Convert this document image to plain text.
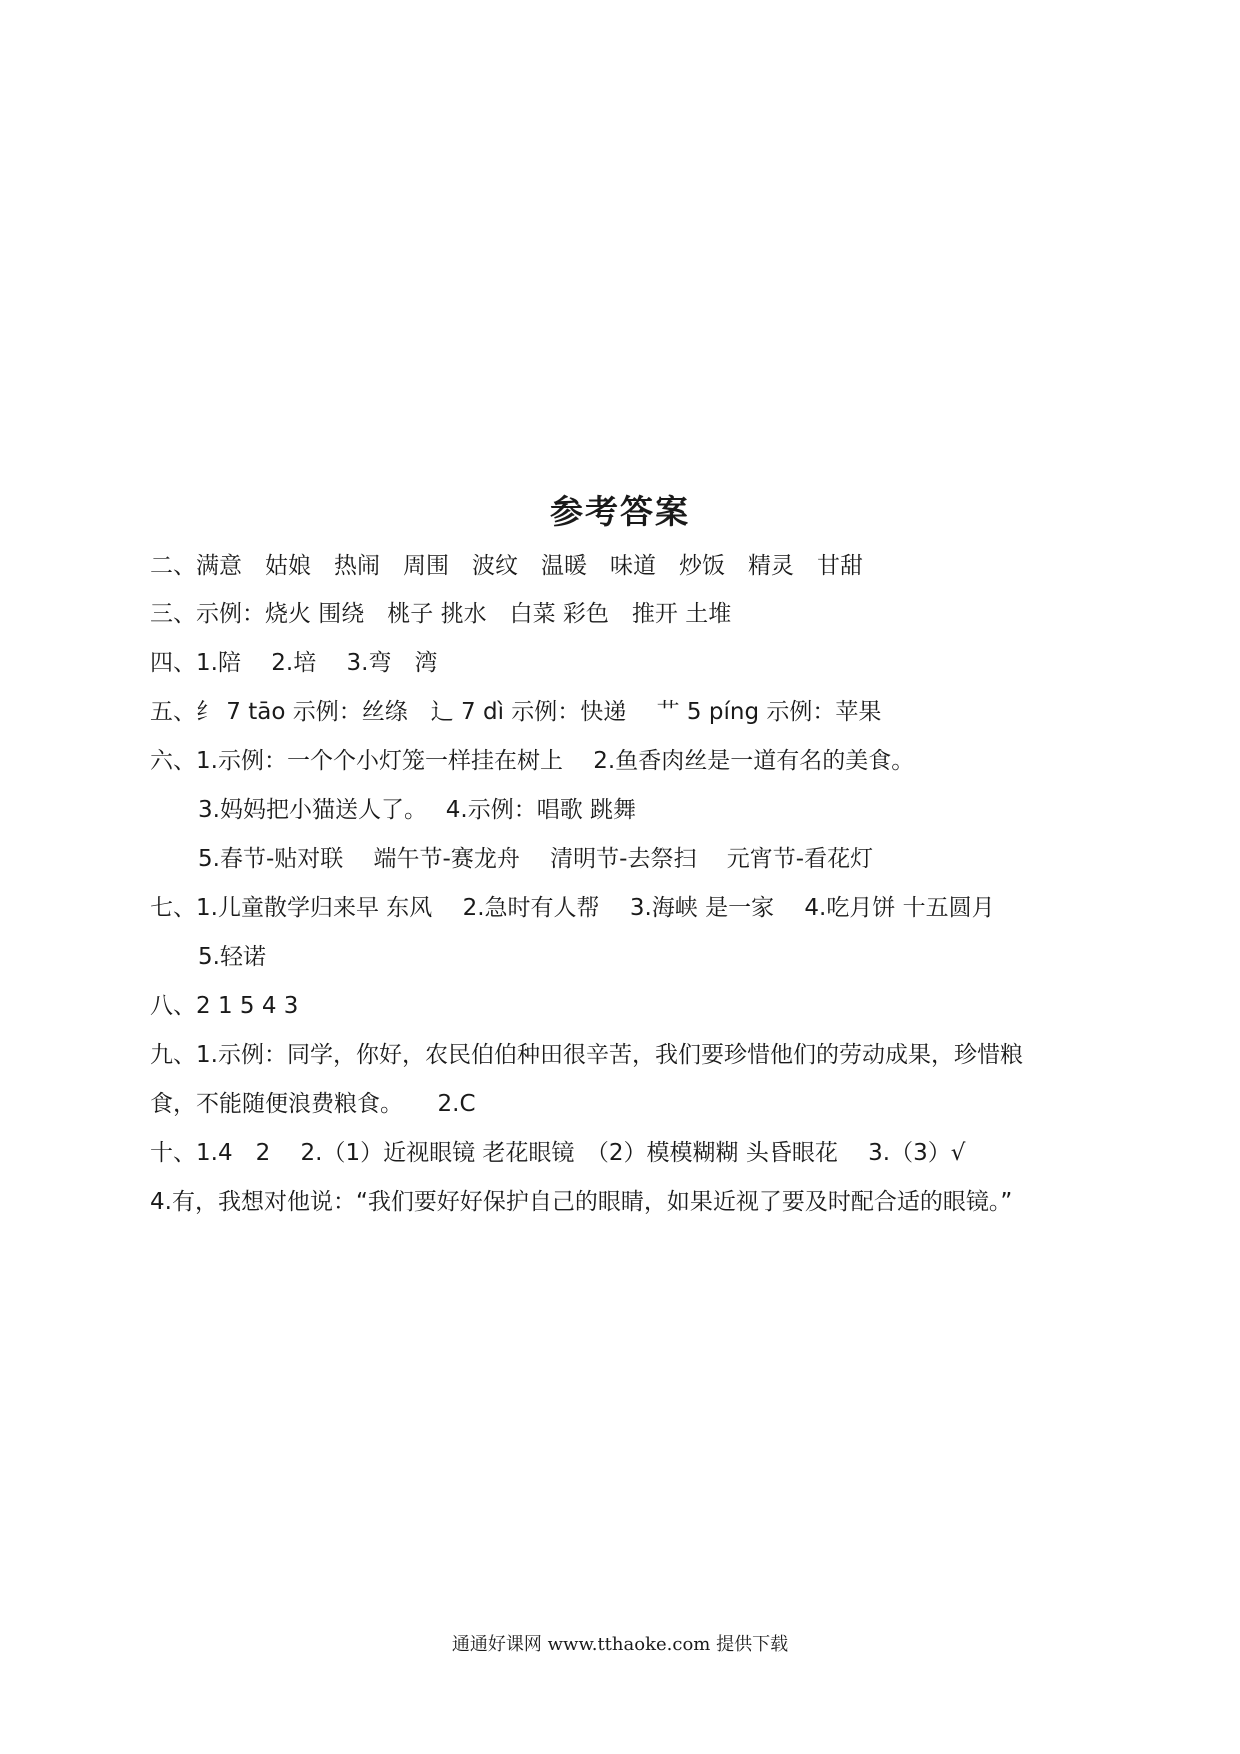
参考答案
二、满意　姑娘　热闹　周围　波纹　温暖　味道　炒饭　精灵　甘甜
三、示例：烧火 围绕　桃子 挑水　白菜 彩色　推开 土堆
四、1.陪　 2.培　 3.弯　湾
五、纟 7 tāo 示例：丝绦　辶 7 dì 示例：快递　 艹 5 píng 示例：苹果
六、1.示例：一个个小灯笼一样挂在树上　 2.鱼香肉丝是一道有名的美食。
3.妈妈把小猫送人了。　 4.示例：唱歌 跳舞
5.春节-贴对联　 端午节-赛龙舟　 清明节-去祭扫　 元宵节-看花灯
七、1.儿童散学归来早 东风　 2.急时有人帮　 3.海峡 是一家　 4.吃月饼 十五圆月
5.轻诺
八、2 1 5 4 3
九、1.示例：同学，你好，农民伯伯种田很辛苦，我们要珍惜他们的劳动成果，珍惜粮
食，不能随便浪费粮食。　　2.C
十、1.4　2　 2.（1）近视眼镜 老花眼镜　（2）模模糊糊 头昏眼花　 3.（3）√
4.有，我想对他说：“我们要好好保护自己的眼睛，如果近视了要及时配合适的眼镜。”
通通好课网 www.tthaoke.com 提供下载
